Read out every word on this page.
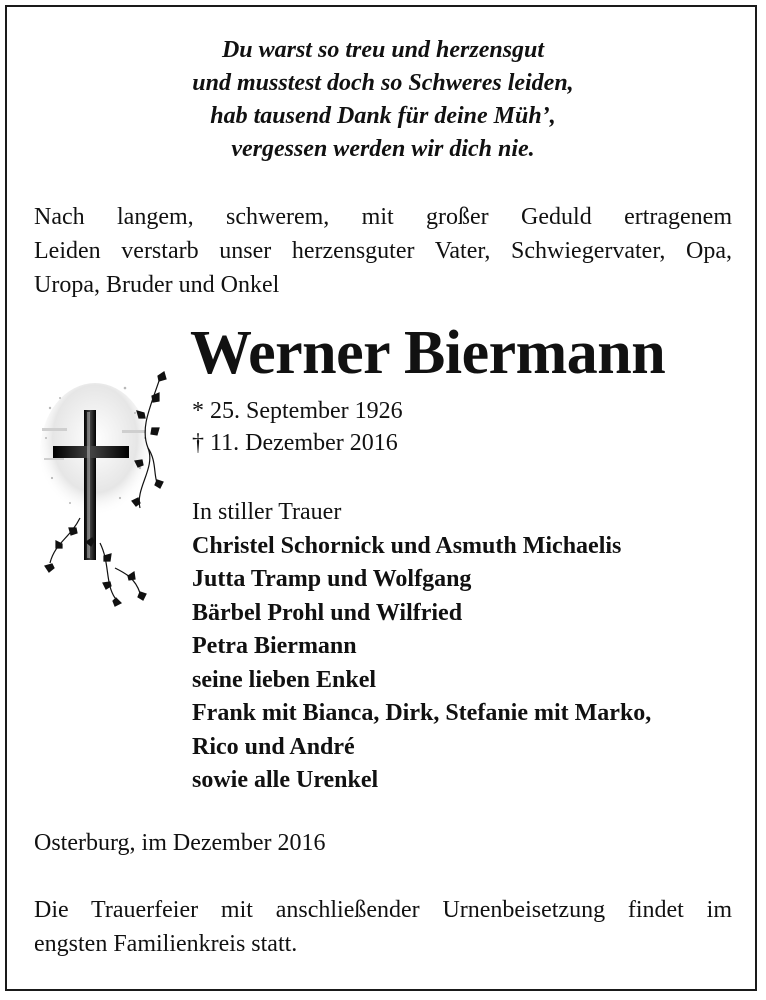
Du warst so treu und herzensgut
und musstest doch so Schweres leiden,
hab tausend Dank für deine Müh’,
vergessen werden wir dich nie.
Nach langem, schwerem, mit großer Geduld ertragenem
Leiden verstarb unser herzensguter Vater, Schwiegervater, Opa,
Uropa, Bruder und Onkel
Werner Biermann
* 25. September 1926
† 11. Dezember 2016
In stiller Trauer
Christel Schornick und Asmuth Michaelis
Jutta Tramp und Wolfgang
Bärbel Prohl und Wilfried
Petra Biermann
seine lieben Enkel
Frank mit Bianca, Dirk, Stefanie mit Marko,
Rico und André
sowie alle Urenkel
Osterburg, im Dezember 2016
Die Trauerfeier mit anschließender Urnenbeisetzung findet im
engsten Familienkreis statt.
